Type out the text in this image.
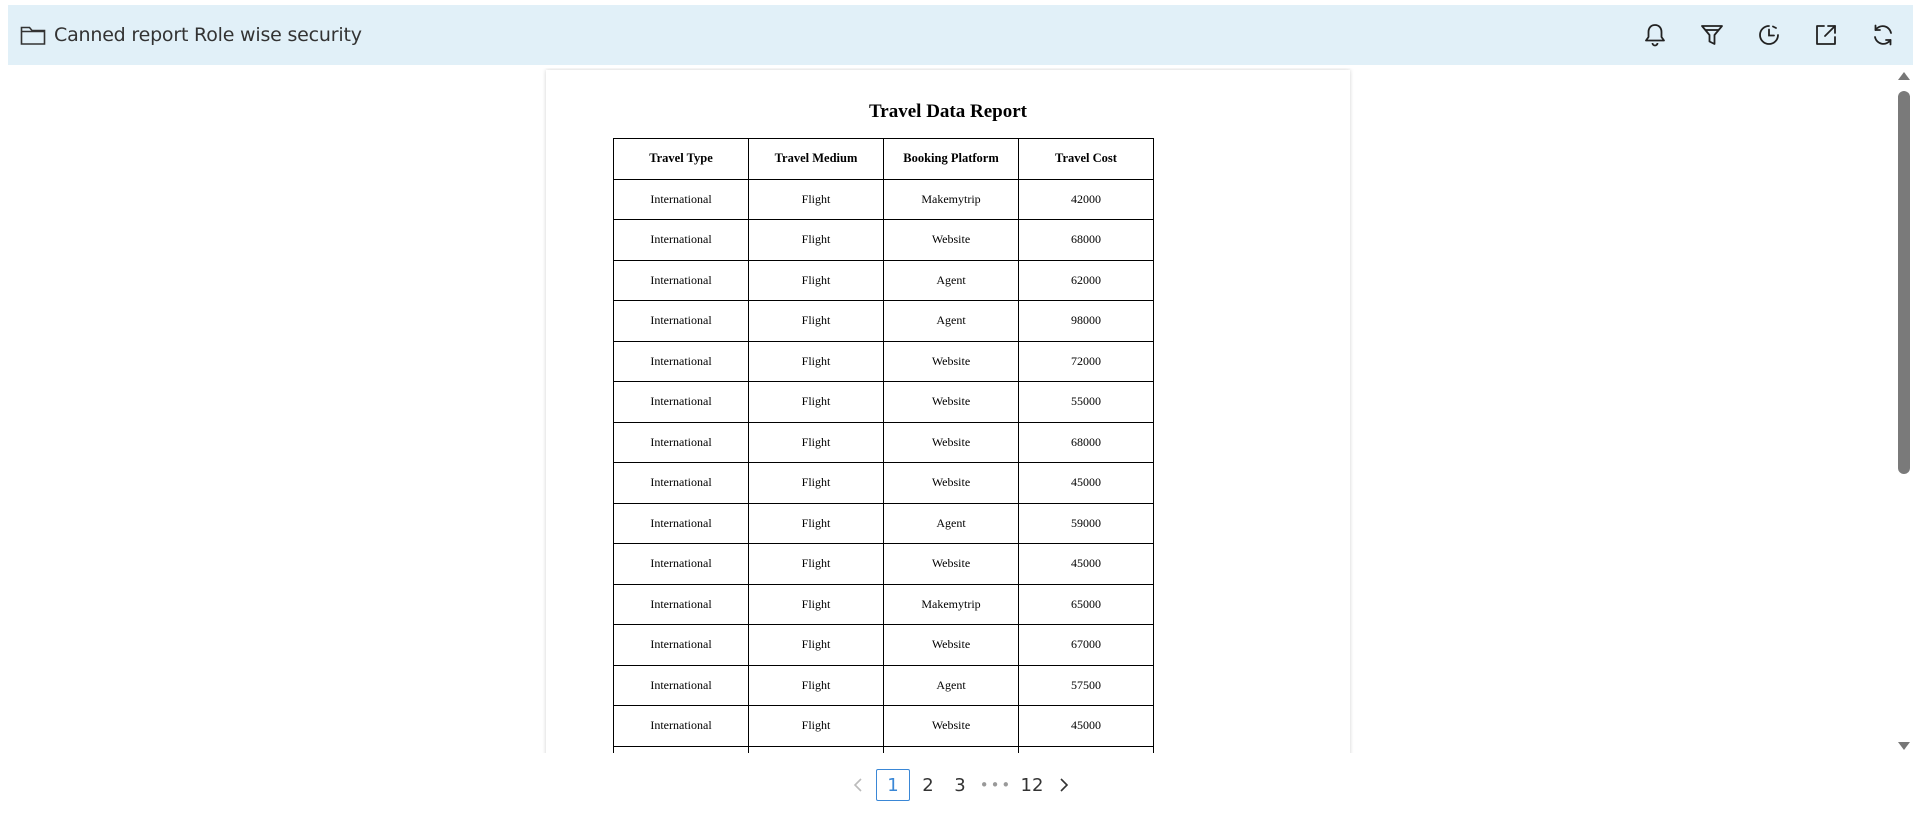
Canned report Role wise security
Travel Data Report
Travel Type	Travel Medium	Booking Platform	Travel Cost
International	Flight	Makemytrip	42000
International	Flight	Website	68000
International	Flight	Agent	62000
International	Flight	Agent	98000
International	Flight	Website	72000
International	Flight	Website	55000
International	Flight	Website	68000
International	Flight	Website	45000
International	Flight	Agent	59000
International	Flight	Website	45000
International	Flight	Makemytrip	65000
International	Flight	Website	67000
International	Flight	Agent	57500
International	Flight	Website	45000

1	2	3 ••• 12
